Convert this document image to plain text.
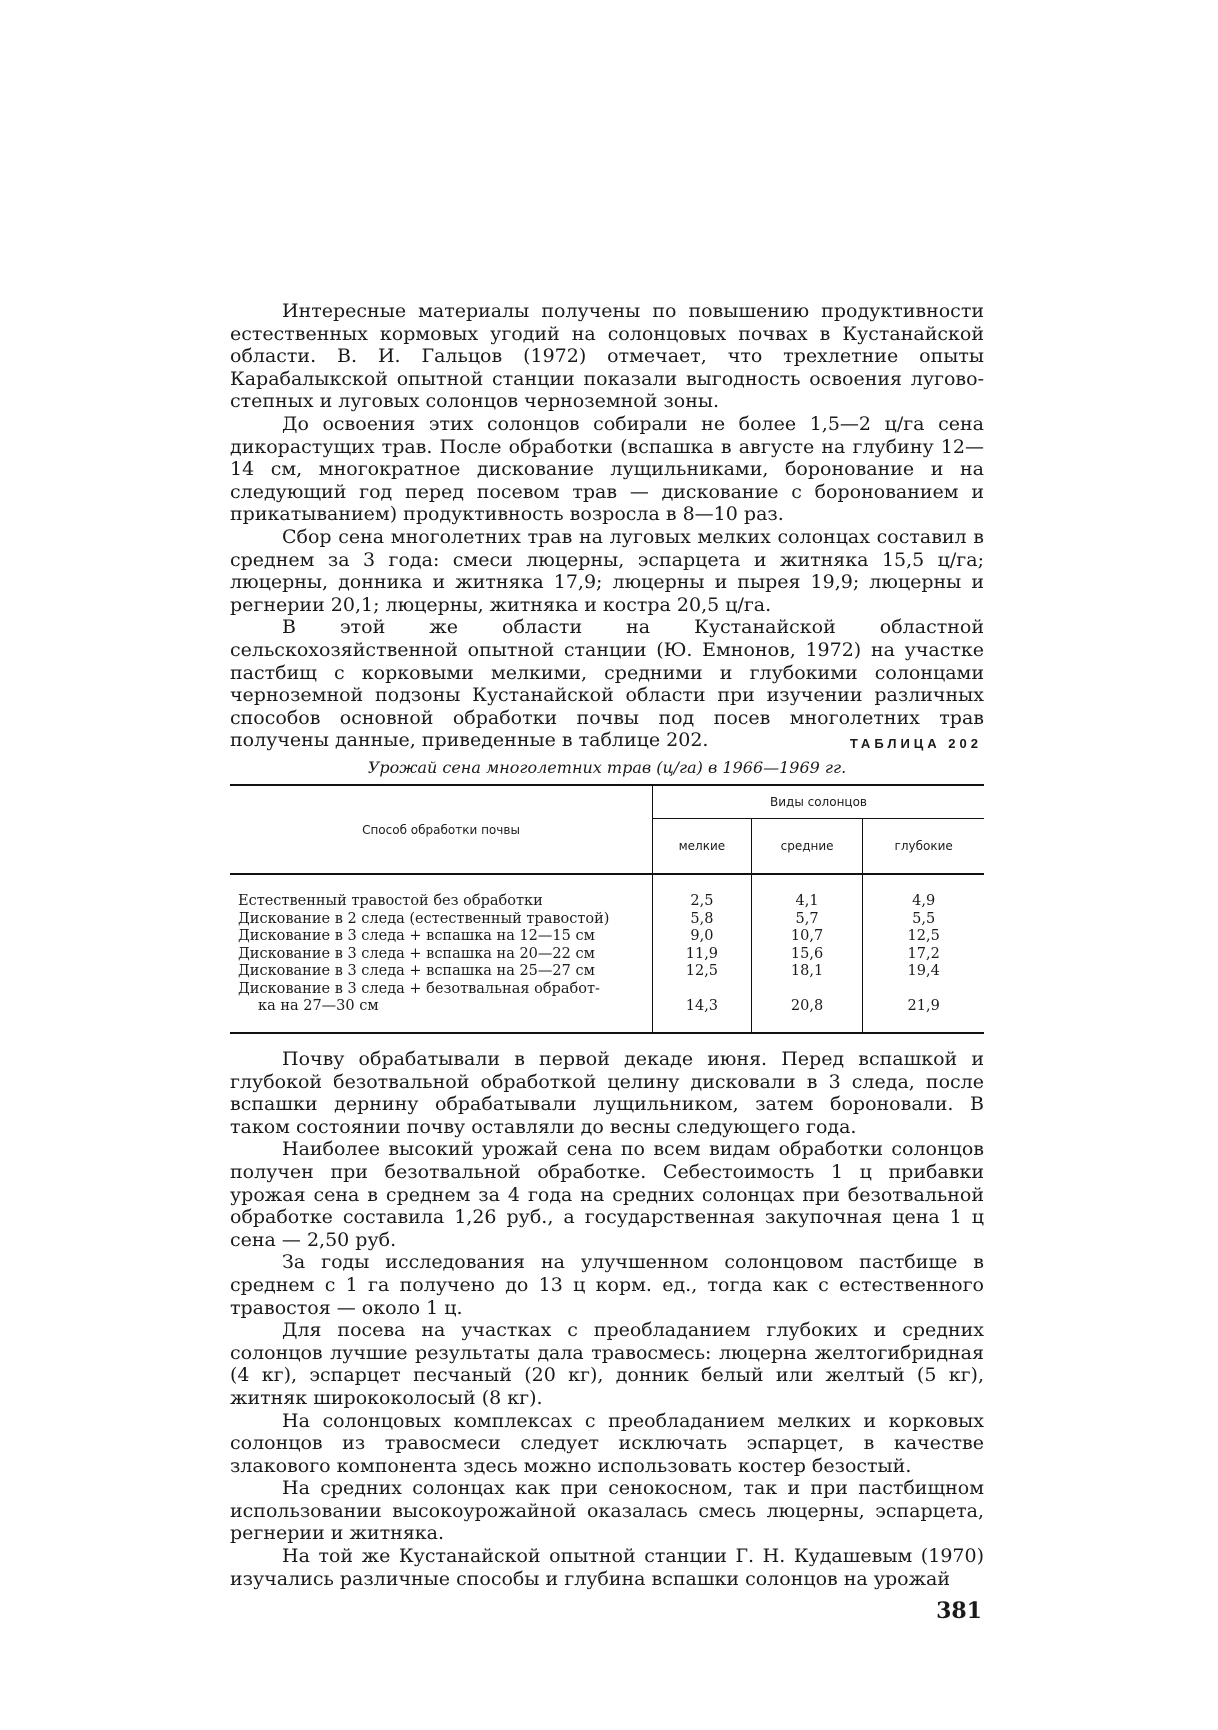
Интересные материалы получены по повышению продуктивности естественных кормовых угодий на солонцовых почвах в Кустанайской области. В. И. Гальцов (1972) отмечает, что трехлетние опыты Карабалыкской опытной станции показали выгодность освоения лугово-степных и луговых солонцов черноземной зоны.

До освоения этих солонцов собирали не более 1,5—2 ц/га сена дикорастущих трав. После обработки (вспашка в августе на глубину 12—14 см, многократное дискование лущильниками, боронование и на следующий год перед посевом трав — дискование с боронованием и прикатыванием) продуктивность возросла в 8—10 раз.

Сбор сена многолетних трав на луговых мелких солонцах составил в среднем за 3 года: смеси люцерны, эспарцета и житняка 15,5 ц/га; люцерны, донника и житняка 17,9; люцерны и пырея 19,9; люцерны и регнерии 20,1; люцерны, житняка и костра 20,5 ц/га.

В этой же области на Кустанайской областной сельскохозяйственной опытной станции (Ю. Емнонов, 1972) на участке пастбищ с корковыми мелкими, средними и глубокими солонцами черноземной подзоны Кустанайской области при изучении различных способов основной обработки почвы под посев многолетних трав получены данные, приведенные в таблице 202.	ТАБЛИЦА 202
Урожай сена многолетних трав (ц/га) в 1966—1969 гг.
Способ обработки почвы	Виды солонцов		
	мелкие	средние	глубокие
Естественный травостой без обработки	2,5	4,1	4,9
Дискование в 2 следа (естественный травостой)	5,8	5,7	5,5
Дискование в 3 следа + вспашка на 12—15 см	9,0	10,7	12,5
Дискование в 3 следа + вспашка на 20—22 см	11,9	15,6	17,2
Дискование в 3 следа + вспашка на 25—27 см	12,5	18,1	19,4
Дискование в 3 следа + безотвальная обработ-
ка на 27—30 см	14,3	20,8	21,9

Почву обрабатывали в первой декаде июня. Перед вспашкой и глубокой безотвальной обработкой целину дисковали в 3 следа, после вспашки дернину обрабатывали лущильником, затем бороновали. В таком состоянии почву оставляли до весны следующего года.

Наиболее высокий урожай сена по всем видам обработки солонцов получен при безотвальной обработке. Себестоимость 1 ц прибавки урожая сена в среднем за 4 года на средних солонцах при безотвальной обработке составила 1,26 руб., а государственная закупочная цена 1 ц сена — 2,50 руб.

За годы исследования на улучшенном солонцовом пастбище в среднем с 1 га получено до 13 ц корм. ед., тогда как с естественного травостоя — около 1 ц.

Для посева на участках с преобладанием глубоких и средних солонцов лучшие результаты дала травосмесь: люцерна желтогибридная (4 кг), эспарцет песчаный (20 кг), донник белый или желтый (5 кг), житняк ширококолосый (8 кг).

На солонцовых комплексах с преобладанием мелких и корковых солонцов из травосмеси следует исключать эспарцет, в качестве злакового компонента здесь можно использовать костер безостый.

На средних солонцах как при сенокосном, так и при пастбищном использовании высокоурожайной оказалась смесь люцерны, эспарцета, регнерии и житняка.

На той же Кустанайской опытной станции Г. Н. Кудашевым (1970) изучались различные способы и глубина вспашки солонцов на урожай

381
